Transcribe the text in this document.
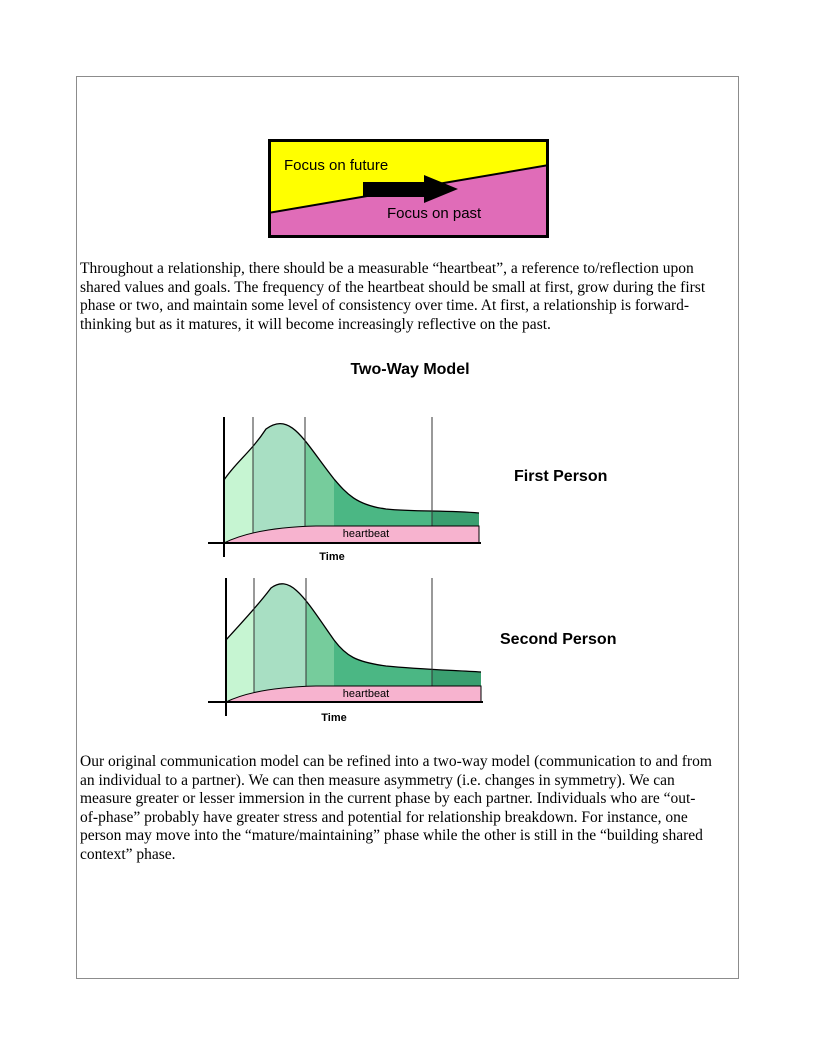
Focus on future
Focus on past
Throughout a relationship, there should be a measurable “heartbeat”, a reference to/reflection upon
shared values and goals. The frequency of the heartbeat should be small at first, grow during the first
phase or two, and maintain some level of consistency over time. At first, a relationship is forward-
thinking but as it matures, it will become increasingly reflective on the past.
Two-Way Model
heartbeat
Time
First Person
heartbeat
Time
Second Person
Our original communication model can be refined into a two-way model (communication to and from
an individual to a partner). We can then measure asymmetry (i.e. changes in symmetry). We can
measure greater or lesser immersion in the current phase by each partner. Individuals who are “out-
of-phase” probably have greater stress and potential for relationship breakdown. For instance, one
person may move into the “mature/maintaining” phase while the other is still in the “building shared
context” phase.
